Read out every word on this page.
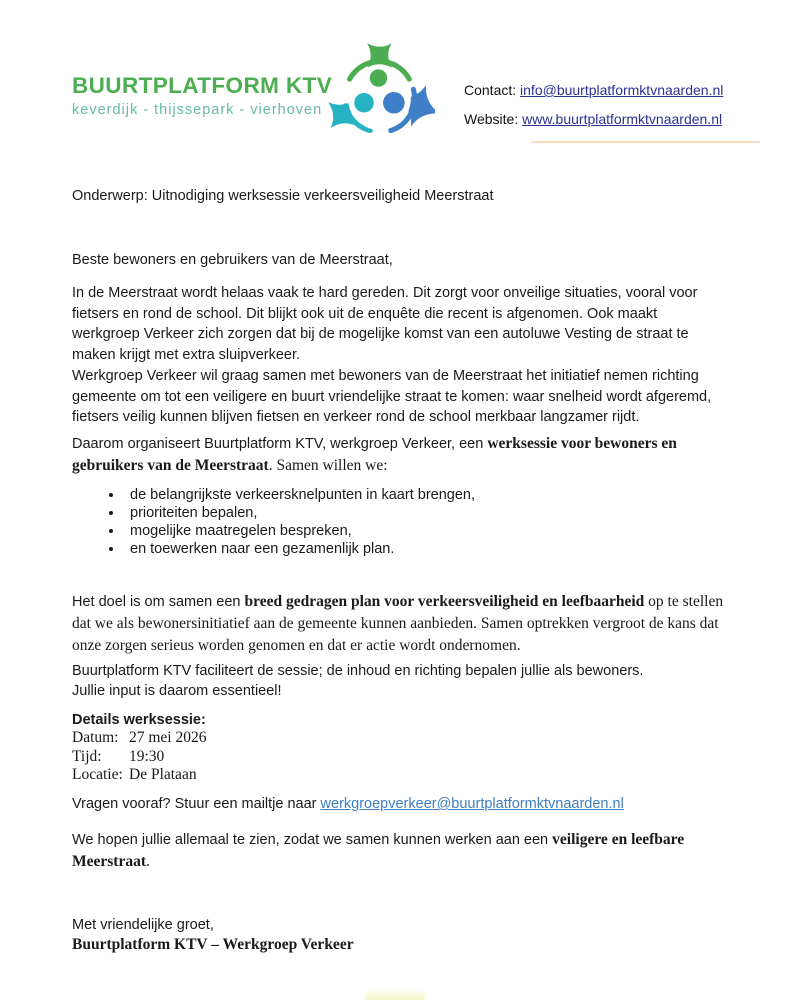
BUURTPLATFORM KTV
keverdijk - thijssepark - vierhoven
Contact: info@buurtplatformktvnaarden.nl
Website: www.buurtplatformktvnaarden.nl
Onderwerp: Uitnodiging werksessie verkeersveiligheid Meerstraat
Beste bewoners en gebruikers van de Meerstraat,
In de Meerstraat wordt helaas vaak te hard gereden. Dit zorgt voor onveilige situaties, vooral voor fietsers en rond de school. Dit blijkt ook uit de enquête die recent is afgenomen. Ook maakt werkgroep Verkeer zich zorgen dat bij de mogelijke komst van een autoluwe Vesting de straat te maken krijgt met extra sluipverkeer.
Werkgroep Verkeer wil graag samen met bewoners van de Meerstraat het initiatief nemen richting gemeente om tot een veiligere en buurt vriendelijke straat te komen: waar snelheid wordt afgeremd, fietsers veilig kunnen blijven fietsen en verkeer rond de school merkbaar langzamer rijdt.
Daarom organiseert Buurtplatform KTV, werkgroep Verkeer, een werksessie voor bewoners en gebruikers van de Meerstraat. Samen willen we:
• de belangrijkste verkeersknelpunten in kaart brengen,
• prioriteiten bepalen,
• mogelijke maatregelen bespreken,
• en toewerken naar een gezamenlijk plan.
Het doel is om samen een breed gedragen plan voor verkeersveiligheid en leefbaarheid op te stellen dat we als bewonersinitiatief aan de gemeente kunnen aanbieden. Samen optrekken vergroot de kans dat onze zorgen serieus worden genomen en dat er actie wordt ondernomen.
Buurtplatform KTV faciliteert de sessie; de inhoud en richting bepalen jullie als bewoners.
Jullie input is daarom essentieel!
Details werksessie:
Datum: 27 mei 2026
Tijd: 19:30
Locatie: De Plataan
Vragen vooraf? Stuur een mailtje naar werkgroepverkeer@buurtplatformktvnaarden.nl
We hopen jullie allemaal te zien, zodat we samen kunnen werken aan een veiligere en leefbare Meerstraat.
Met vriendelijke groet,
Buurtplatform KTV – Werkgroep Verkeer
